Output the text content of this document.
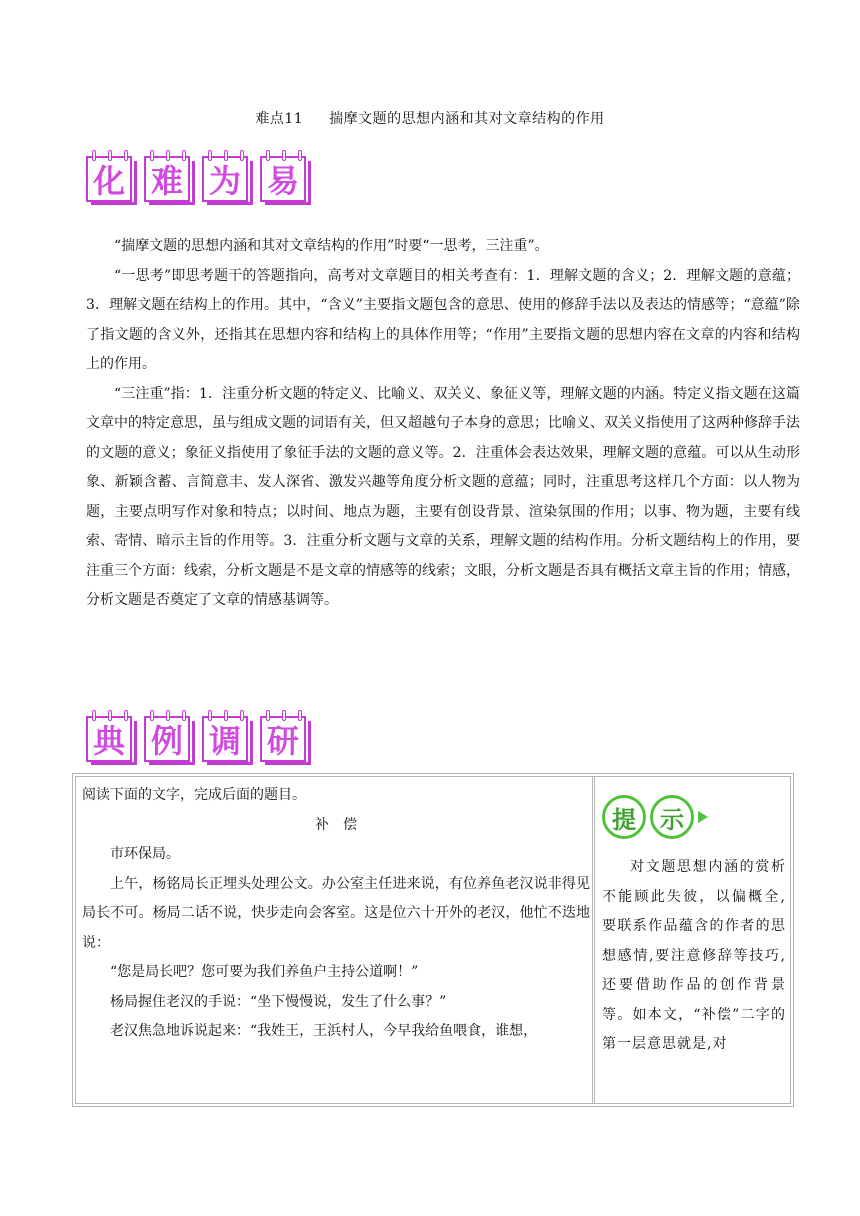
难点11 揣摩文题的思想内涵和其对文章结构的作用
化 难 为 易

“揣摩文题的思想内涵和其对文章结构的作用”时要“一思考，三注重”。

“一思考”即思考题干的答题指向，高考对文章题目的相关考查有：1．理解文题的含义；2．理解文题的意蕴；3．理解文题在结构上的作用。其中，“含义”主要指文题包含的意思、使用的修辞手法以及表达的情感等；“意蕴”除了指文题的含义外，还指其在思想内容和结构上的具体作用等；“作用”主要指文题的思想内容在文章的内容和结构上的作用。

“三注重”指：1．注重分析文题的特定义、比喻义、双关义、象征义等，理解文题的内涵。特定义指文题在这篇文章中的特定意思，虽与组成文题的词语有关，但又超越句子本身的意思；比喻义、双关义指使用了这两种修辞手法的文题的意义；象征义指使用了象征手法的文题的意义等。2．注重体会表达效果，理解文题的意蕴。可以从生动形象、新颖含蓄、言简意丰、发人深省、激发兴趣等角度分析文题的意蕴；同时，注重思考这样几个方面：以人物为题，主要点明写作对象和特点；以时间、地点为题，主要有创设背景、渲染氛围的作用；以事、物为题，主要有线索、寄情、暗示主旨的作用等。3．注重分析文题与文章的关系，理解文题的结构作用。分析文题结构上的作用，要注重三个方面：线索，分析文题是不是文章的情感等的线索；文眼，分析文题是否具有概括文章主旨的作用；情感，分析文题是否奠定了文章的情感基调等。

典 例 调 研

阅读下面的文字，完成后面的题目。

补　偿

市环保局。

上午，杨铭局长正埋头处理公文。办公室主任进来说，有位养鱼老汉说非得见局长不可。杨局二话不说，快步走向会客室。这是位六十开外的老汉，他忙不迭地说：

“您是局长吧？您可要为我们养鱼户主持公道啊！”

杨局握住老汉的手说：“坐下慢慢说，发生了什么事？”

老汉焦急地诉说起来：“我姓王，王浜村人，今早我给鱼喂食，谁想，

提	示
对文题思想内涵的赏析不能顾此失彼，以偏概全,要联系作品蕴含的作者的思想感情,要注意修辞等技巧,还要借助作品的创作背景等。如本文，“补偿”二字的第一层意思就是,对
